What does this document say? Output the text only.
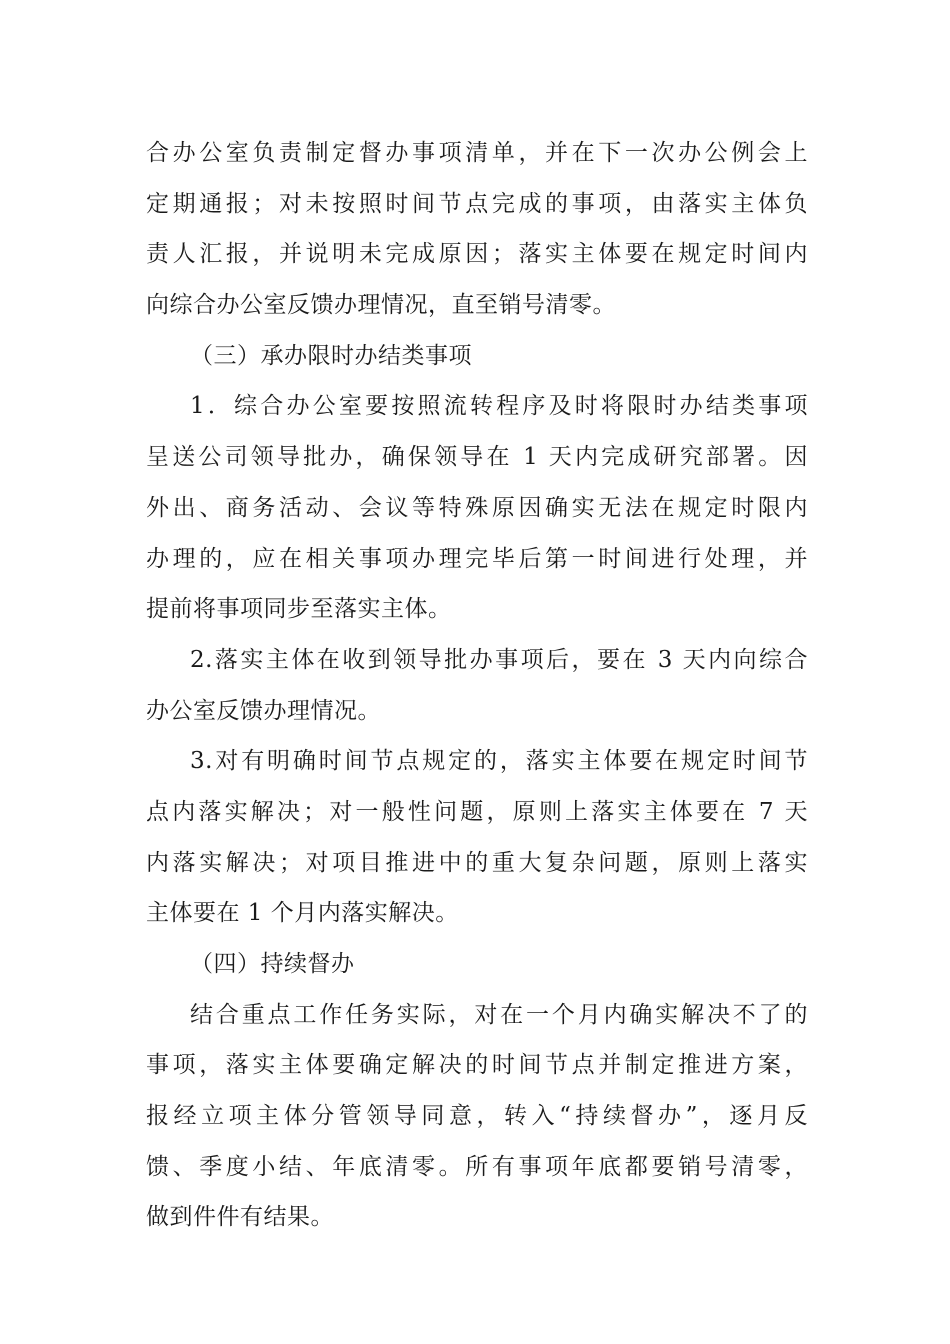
合办公室负责制定督办事项清单，并在下一次办公例会上
定期通报；对未按照时间节点完成的事项，由落实主体负
责人汇报，并说明未完成原因；落实主体要在规定时间内
向综合办公室反馈办理情况，直至销号清零。
（三）承办限时办结类事项
1．综合办公室要按照流转程序及时将限时办结类事项
呈送公司领导批办，确保领导在 1 天内完成研究部署。因
外出、商务活动、会议等特殊原因确实无法在规定时限内
办理的，应在相关事项办理完毕后第一时间进行处理，并
提前将事项同步至落实主体。
2.落实主体在收到领导批办事项后，要在 3 天内向综合
办公室反馈办理情况。
3.对有明确时间节点规定的，落实主体要在规定时间节
点内落实解决；对一般性问题，原则上落实主体要在 7 天
内落实解决；对项目推进中的重大复杂问题，原则上落实
主体要在 1 个月内落实解决。
（四）持续督办
结合重点工作任务实际，对在一个月内确实解决不了的
事项，落实主体要确定解决的时间节点并制定推进方案，
报经立项主体分管领导同意，转入“持续督办”，逐月反
馈、季度小结、年底清零。所有事项年底都要销号清零，
做到件件有结果。
